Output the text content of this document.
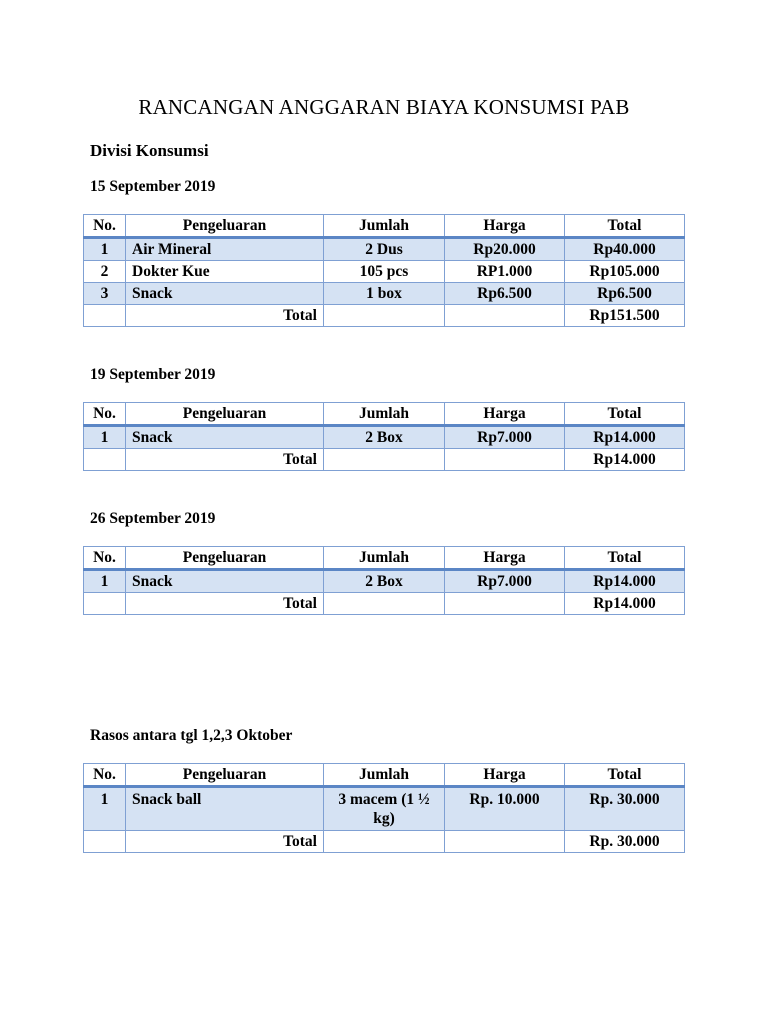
RANCANGAN ANGGARAN BIAYA KONSUMSI PAB
Divisi Konsumsi
15 September 2019
No.	Pengeluaran	Jumlah	Harga	Total
1	Air Mineral	2 Dus	Rp20.000	Rp40.000
2	Dokter Kue	105 pcs	RP1.000	Rp105.000
3	Snack	1 box	Rp6.500	Rp6.500
	Total			Rp151.500
19 September 2019
No.	Pengeluaran	Jumlah	Harga	Total
1	Snack	2 Box	Rp7.000	Rp14.000
	Total			Rp14.000
26 September 2019
No.	Pengeluaran	Jumlah	Harga	Total
1	Snack	2 Box	Rp7.000	Rp14.000
	Total			Rp14.000
Rasos antara tgl 1,2,3 Oktober
No.	Pengeluaran	Jumlah	Harga	Total
1	Snack ball	3 macem (1 ½ kg)	Rp. 10.000	Rp. 30.000
	Total			Rp. 30.000
